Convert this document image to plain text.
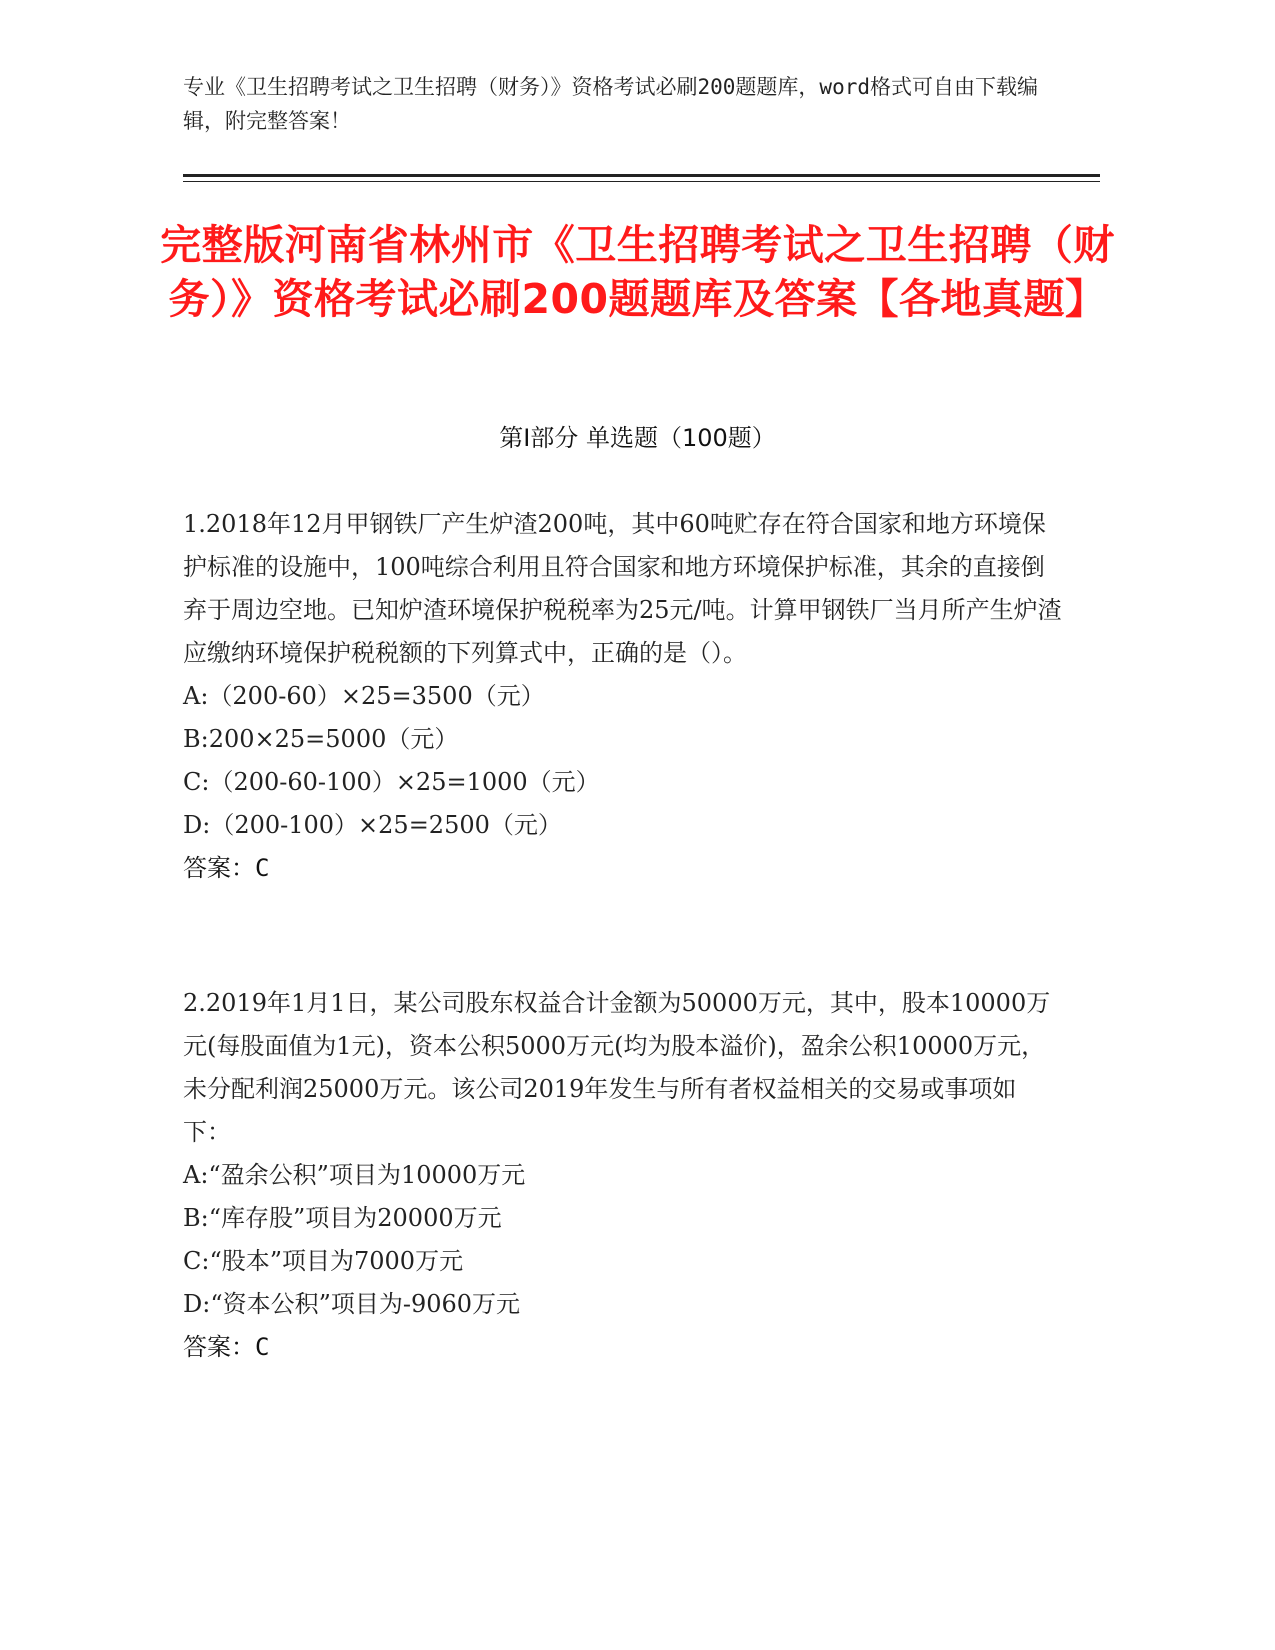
专业《卫生招聘考试之卫生招聘（财务）》资格考试必刷200题题库，word格式可自由下载编辑，附完整答案！
完整版河南省林州市《卫生招聘考试之卫生招聘（财务）》资格考试必刷200题题库及答案【各地真题】
第Ⅰ部分 单选题（100题）

1.2018年12月甲钢铁厂产生炉渣200吨，其中60吨贮存在符合国家和地方环境保护标准的设施中，100吨综合利用且符合国家和地方环境保护标准，其余的直接倒弃于周边空地。已知炉渣环境保护税税率为25元/吨。计算甲钢铁厂当月所产生炉渣应缴纳环境保护税税额的下列算式中，正确的是（）。

A:（200-60）×25=3500（元）

B:200×25=5000（元）

C:（200-60-100）×25=1000（元）

D:（200-100）×25=2500（元）

答案：C

2.2019年1月1日，某公司股东权益合计金额为50000万元，其中，股本10000万元(每股面值为1元)，资本公积5000万元(均为股本溢价)，盈余公积10000万元，未分配利润25000万元。该公司2019年发生与所有者权益相关的交易或事项如下：

A:“盈余公积”项目为10000万元

B:“库存股”项目为20000万元

C:“股本”项目为7000万元

D:“资本公积”项目为-9060万元

答案：C
